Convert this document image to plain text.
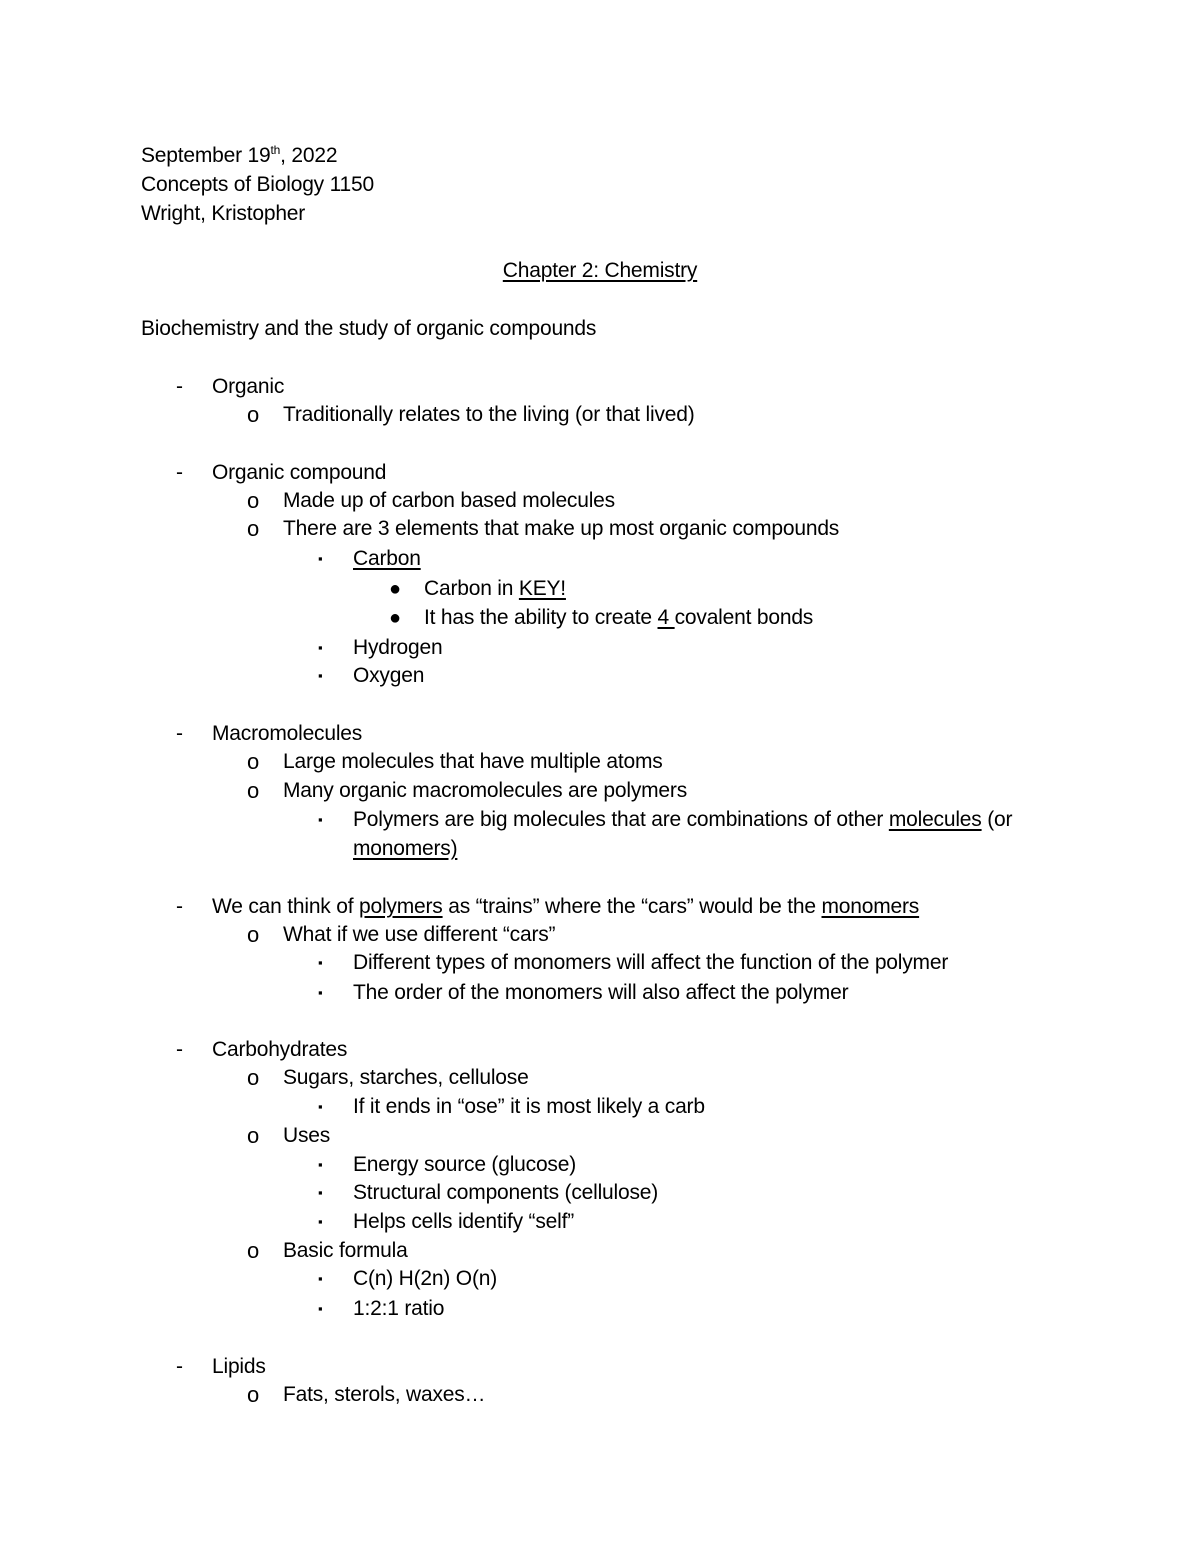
September 19th, 2022
Concepts of Biology 1150
Wright, Kristopher
Chapter 2: Chemistry
Biochemistry and the study of organic compounds
- Organic
o Traditionally relates to the living (or that lived)
- Organic compound
o Made up of carbon based molecules
o There are 3 elements that make up most organic compounds
▪ Carbon
● Carbon in KEY!
● It has the ability to create 4 covalent bonds
▪ Hydrogen
▪ Oxygen
- Macromolecules
o Large molecules that have multiple atoms
o Many organic macromolecules are polymers
▪ Polymers are big molecules that are combinations of other molecules (or
monomers)
- We can think of polymers as “trains” where the “cars” would be the monomers
o What if we use different “cars”
▪ Different types of monomers will affect the function of the polymer
▪ The order of the monomers will also affect the polymer
- Carbohydrates
o Sugars, starches, cellulose
▪ If it ends in “ose” it is most likely a carb
o Uses
▪ Energy source (glucose)
▪ Structural components (cellulose)
▪ Helps cells identify “self”
o Basic formula
▪ C(n) H(2n) O(n)
▪ 1:2:1 ratio
- Lipids
o Fats, sterols, waxes…
